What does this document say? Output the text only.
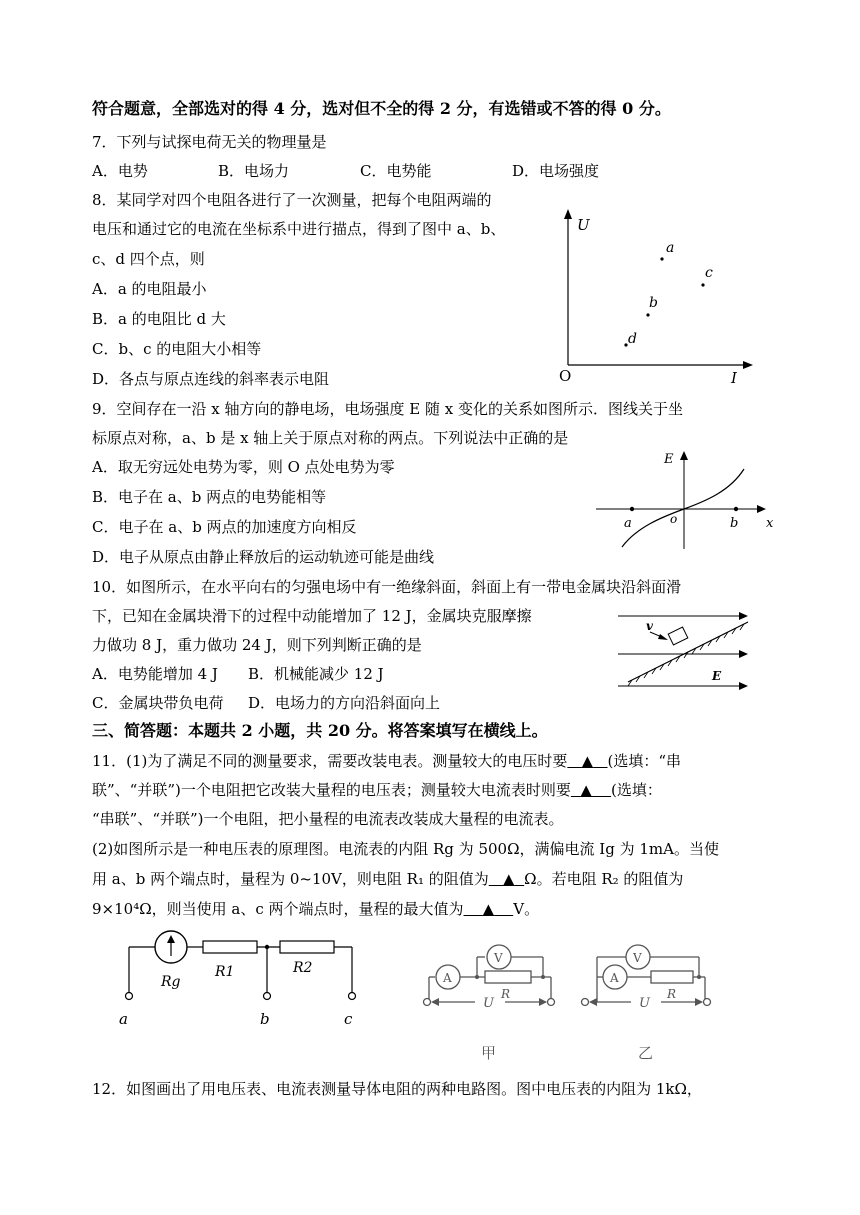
符合题意，全部选对的得 4 分，选对但不全的得 2 分，有选错或不答的得 0 分。
7．下列与试探电荷无关的物理量是
A．电势	B．电场力	C．电势能	D．电场强度
8．某同学对四个电阻各进行了一次测量，把每个电阻两端的
电压和通过它的电流在坐标系中进行描点，得到了图中 a、b、
c、d 四个点，则
A．a 的电阻最小
B．a 的电阻比 d 大
C．b、c 的电阻大小相等
D．各点与原点连线的斜率表示电阻
U
I
O
a
b
c
d
9．空间存在一沿 x 轴方向的静电场，电场强度 E 随 x 变化的关系如图所示．图线关于坐
标原点对称，a、b 是 x 轴上关于原点对称的两点。下列说法中正确的是
A．取无穷远处电势为零，则 O 点处电势为零
B．电子在 a、b 两点的电势能相等
C．电子在 a、b 两点的加速度方向相反
D．电子从原点由静止释放后的运动轨迹可能是曲线
E
x
o
a	b
10．如图所示，在水平向右的匀强电场中有一绝缘斜面，斜面上有一带电金属块沿斜面滑
下，已知在金属块滑下的过程中动能增加了 12 J，金属块克服摩擦
力做功 8 J，重力做功 24 J，则下列判断正确的是
A．电势能增加 4 J B．机械能减少 12 J
C．金属块带负电荷 D．电场力的方向沿斜面向上
v
E
三、简答题：本题共 2 小题，共 20 分。将答案填写在横线上。
11．(1)为了满足不同的测量要求，需要改装电表。测量较大的电压时要 ▲ (选填：“串
联”、“并联”)一个电阻把它改装大量程的电压表；测量较大电流表时则要 ▲ (选填：
“串联”、“并联”)一个电阻，把小量程的电流表改装成大量程的电流表。
(2)如图所示是一种电压表的原理图。电流表的内阻 Rg 为 500Ω，满偏电流 Ig 为 1mA。当使
用 a、b 两个端点时，量程为 0~10V，则电阻 R₁ 的阻值为 ▲ Ω。若电阻 R₂ 的阻值为
9×10⁴Ω，则当使用 a、c 两个端点时，量程的最大值为 ▲ V。
Rg
R1	R2
a	b	c
V
A
R
U
甲
V
A
R
U
乙
12．如图画出了用电压表、电流表测量导体电阻的两种电路图。图中电压表的内阻为 1kΩ，
